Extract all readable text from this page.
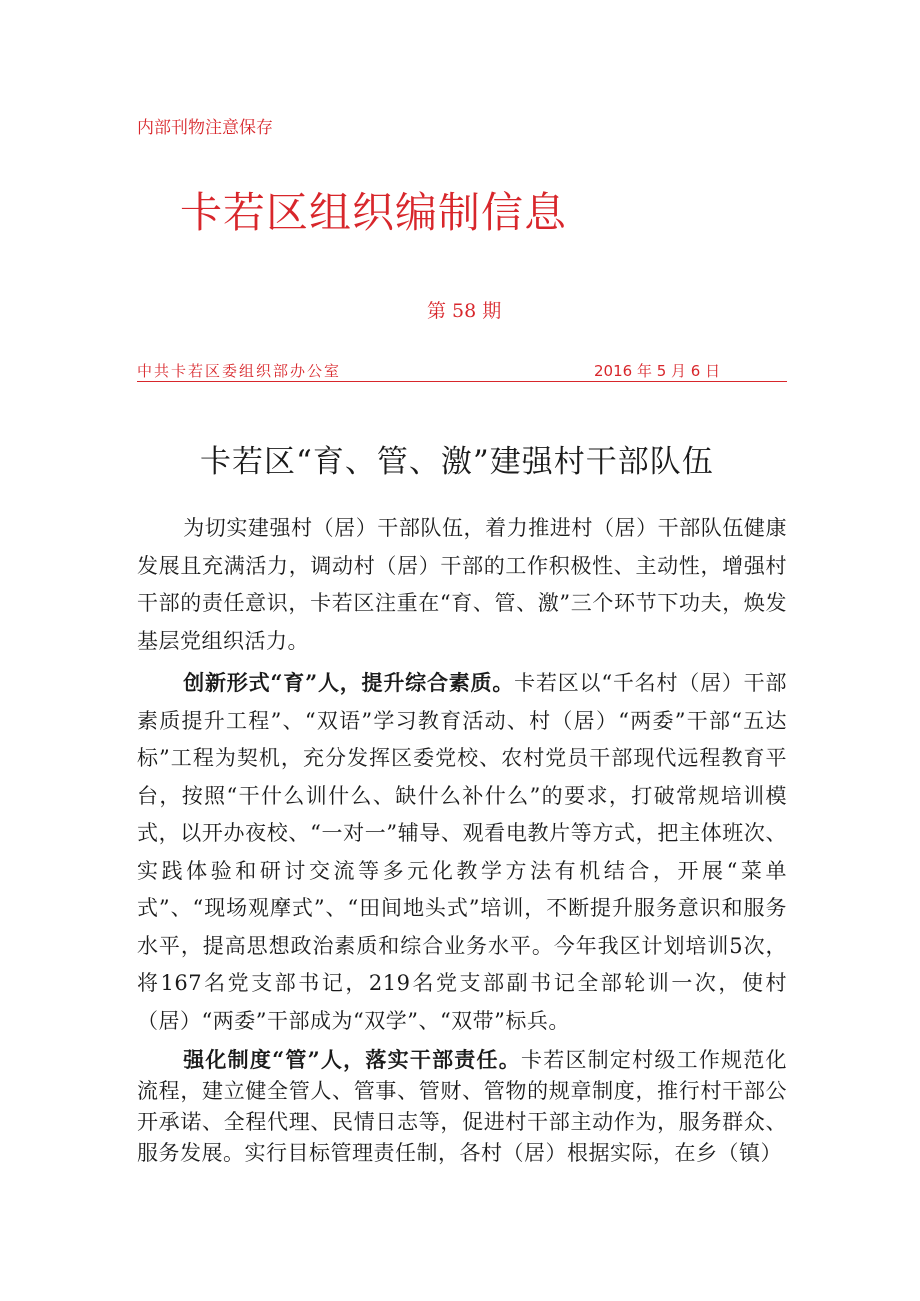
内部刊物注意保存
卡若区组织编制信息
第 58 期
中共卡若区委组织部办公室	2016 年 5 月 6 日
卡若区“育、管、激”建强村干部队伍

为切实建强村（居）干部队伍，着力推进村（居）干部队伍健康发展且充满活力，调动村（居）干部的工作积极性、主动性，增强村干部的责任意识，卡若区注重在“育、管、激”三个环节下功夫，焕发基层党组织活力。

创新形式“育”人，提升综合素质。卡若区以“千名村（居）干部素质提升工程”、“双语”学习教育活动、村（居）“两委”干部“五达标”工程为契机，充分发挥区委党校、农村党员干部现代远程教育平台，按照“干什么训什么、缺什么补什么”的要求，打破常规培训模式，以开办夜校、“一对一”辅导、观看电教片等方式，把主体班次、实践体验和研讨交流等多元化教学方法有机结合，开展“菜单式”、“现场观摩式”、“田间地头式”培训，不断提升服务意识和服务水平，提高思想政治素质和综合业务水平。今年我区计划培训5次，将167名党支部书记，219名党支部副书记全部轮训一次，使村（居）“两委”干部成为“双学”、“双带”标兵。

强化制度“管”人，落实干部责任。卡若区制定村级工作规范化流程，建立健全管人、管事、管财、管物的规章制度，推行村干部公开承诺、全程代理、民情日志等，促进村干部主动作为，服务群众、服务发展。实行目标管理责任制，各村（居）根据实际，在乡（镇）
